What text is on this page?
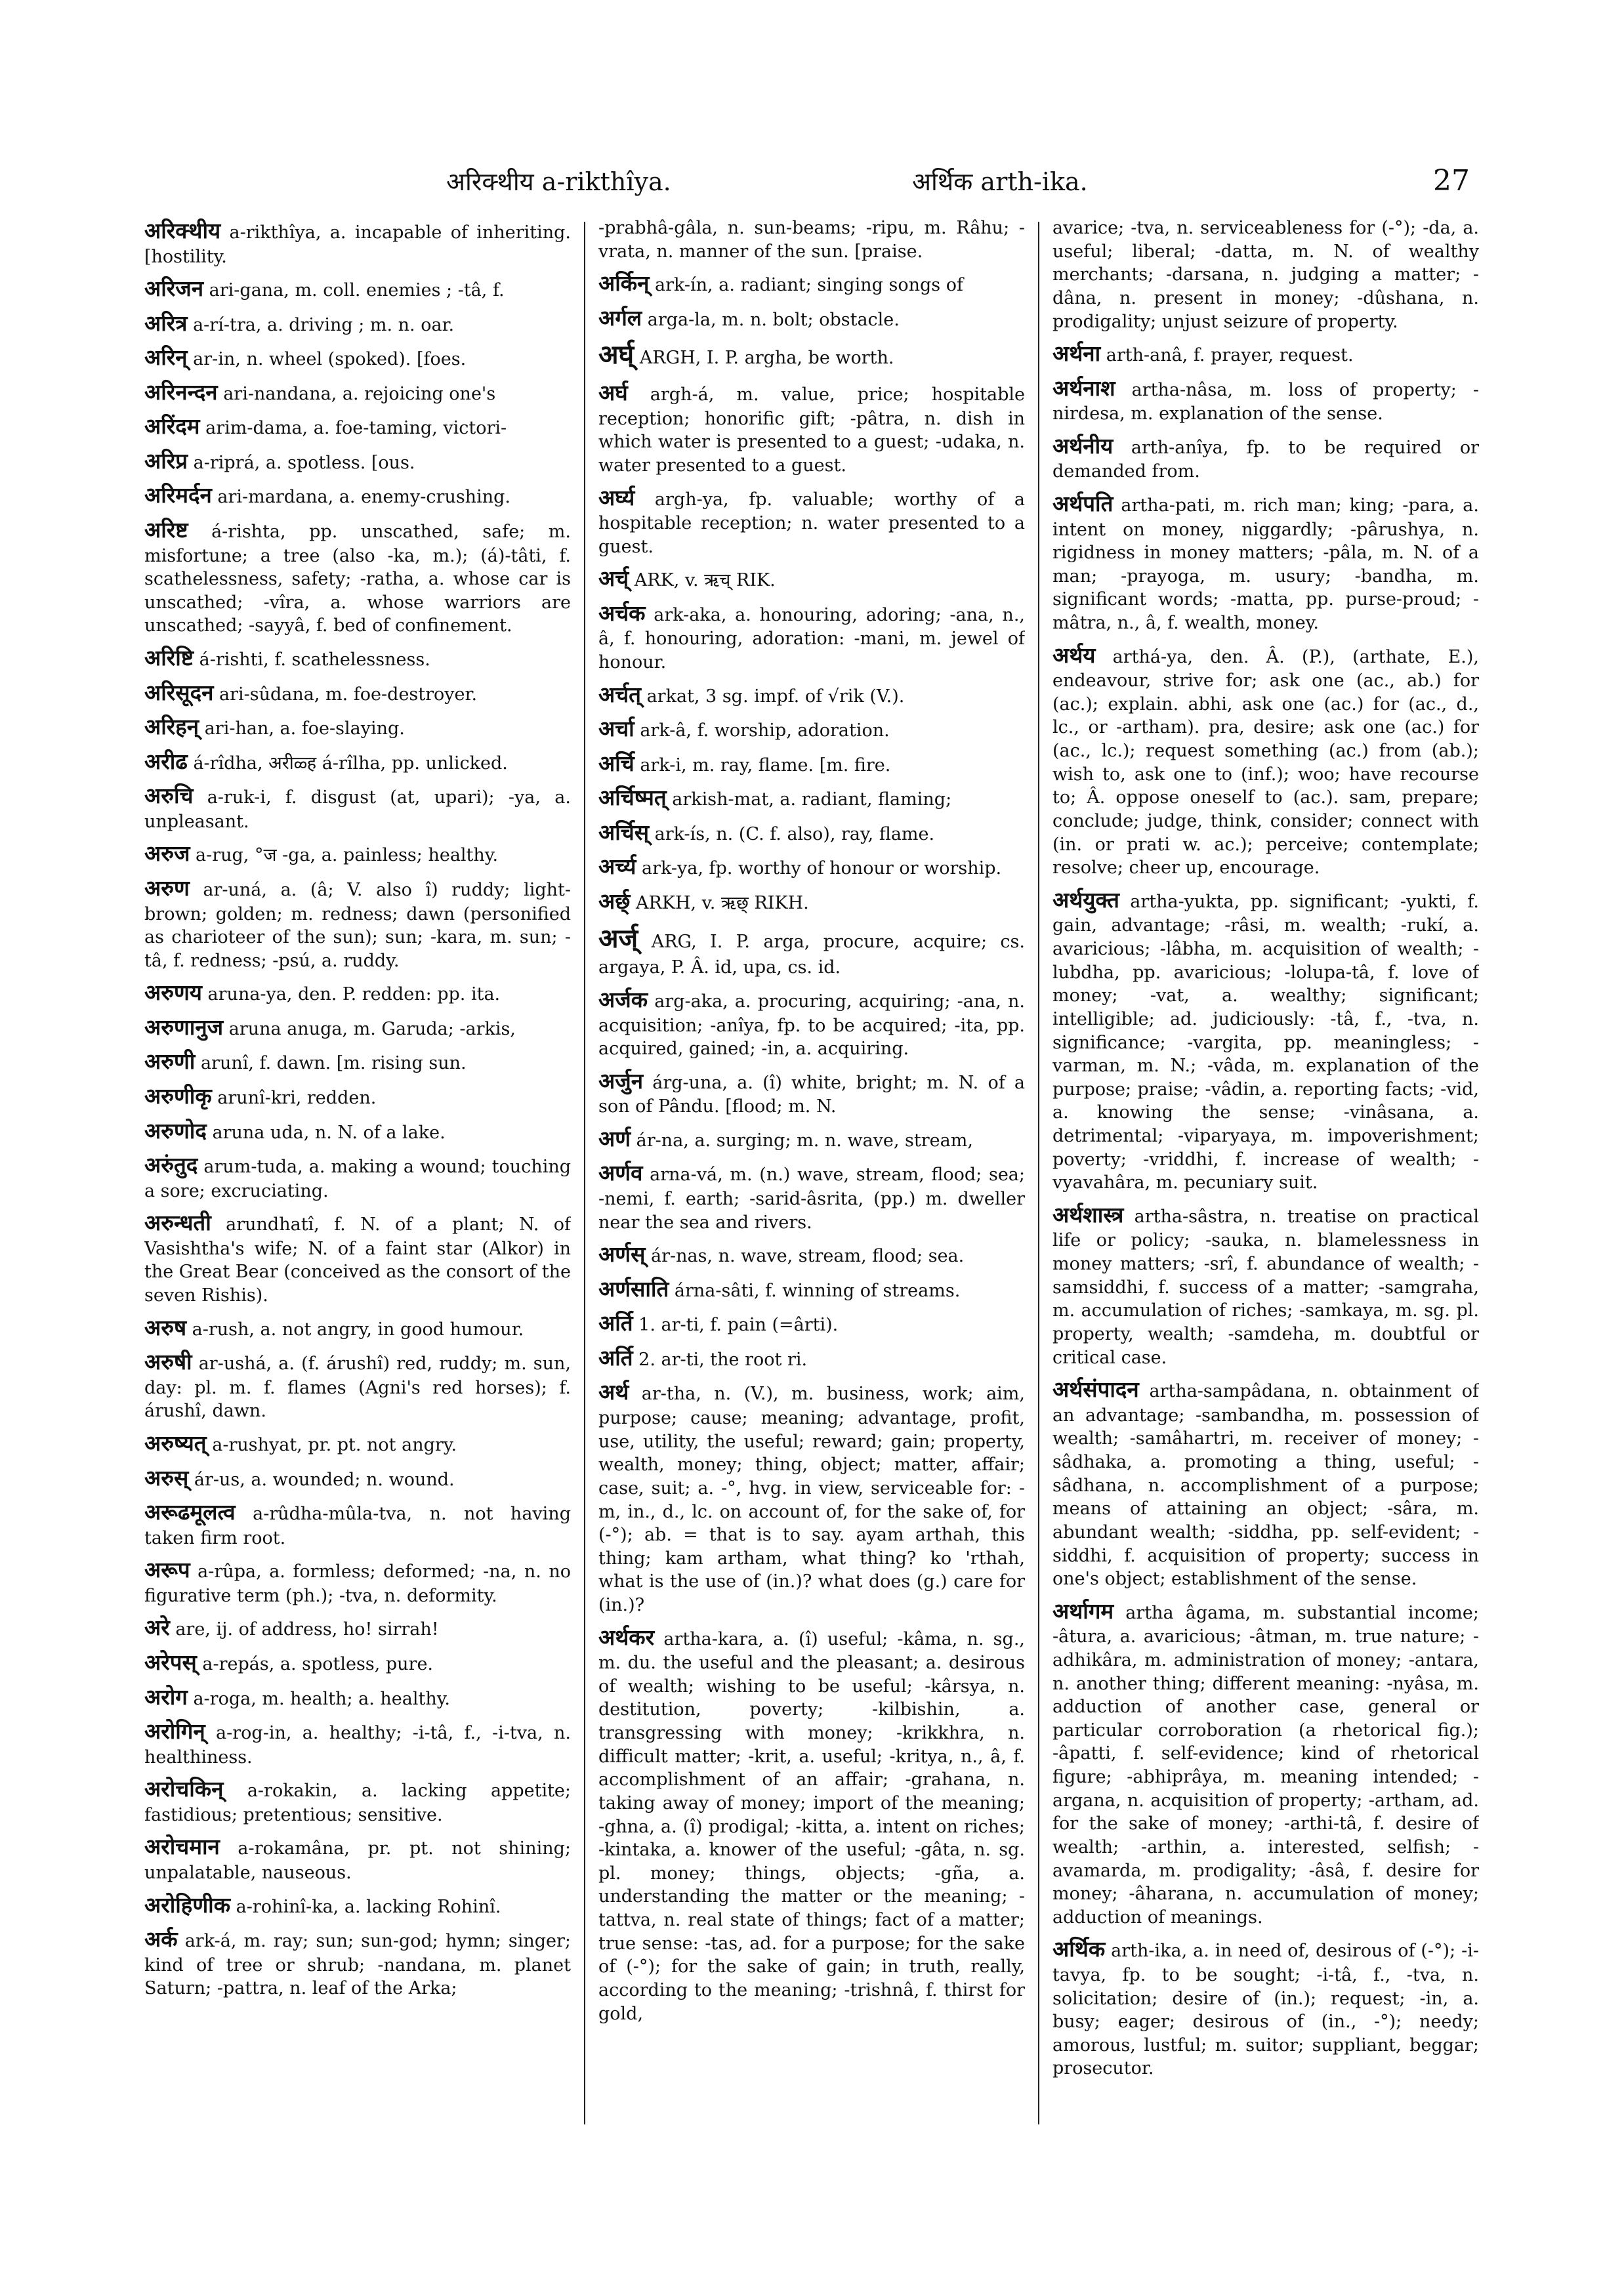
अरिक्थीय a-rikthîya.	अर्थिक arth-ika.	27

अरिक्थीय a-rikthîya, a. incapable of inheriting. [hostility.

अरिजन ari-gana, m. coll. enemies ; -tâ, f.

अरित्र a-rí-tra, a. driving ; m. n. oar.

अरिन् ar-in, n. wheel (spoked). [foes.

अरिनन्दन ari-nandana, a. rejoicing one's

अरिंदम arim-dama, a. foe-taming, victori-

अरिप्र a-riprá, a. spotless. [ous.

अरिमर्दन ari-mardana, a. enemy-crushing.

अरिष्ट á-rishta, pp. unscathed, safe; m. misfortune; a tree (also -ka, m.); (á)-tâti, f. scathelessness, safety; -ratha, a. whose car is unscathed; -vîra, a. whose warriors are unscathed; -sayyâ, f. bed of confinement.

अरिष्टि á-rishti, f. scathelessness.

अरिसूदन ari-sûdana, m. foe-destroyer.

अरिहन् ari-han, a. foe-slaying.

अरीढ á-rîdha, अरीळ्ह á-rîlha, pp. unlicked.

अरुचि a-ruk-i, f. disgust (at, upari); -ya, a. unpleasant.

अरुज a-rug, °ज -ga, a. painless; healthy.

अरुण ar-uná, a. (â; V. also î) ruddy; light-brown; golden; m. redness; dawn (personified as charioteer of the sun); sun; -kara, m. sun; -tâ, f. redness; -psú, a. ruddy.

अरुणय aruna-ya, den. P. redden: pp. ita.

अरुणानुज aruna anuga, m. Garuda; -arkis,

अरुणी arunî, f. dawn. [m. rising sun.

अरुणीकृ arunî-kri, redden.

अरुणोद aruna uda, n. N. of a lake.

अरुंतुद arum-tuda, a. making a wound; touching a sore; excruciating.

अरुन्धती arundhatî, f. N. of a plant; N. of Vasishtha's wife; N. of a faint star (Alkor) in the Great Bear (conceived as the consort of the seven Rishis).

अरुष a-rush, a. not angry, in good humour.

अरुषी ar-ushá, a. (f. árushî) red, ruddy; m. sun, day: pl. m. f. flames (Agni's red horses); f. árushî, dawn.

अरुष्यत् a-rushyat, pr. pt. not angry.

अरुस् ár-us, a. wounded; n. wound.

अरूढमूलत्व a-rûdha-mûla-tva, n. not having taken firm root.

अरूप a-rûpa, a. formless; deformed; -na, n. no figurative term (ph.); -tva, n. deformity.

अरे are, ij. of address, ho! sirrah!

अरेपस् a-repás, a. spotless, pure.

अरोग a-roga, m. health; a. healthy.

अरोगिन् a-rog-in, a. healthy; -i-tâ, f., -i-tva, n. healthiness.

अरोचकिन् a-rokakin, a. lacking appetite; fastidious; pretentious; sensitive.

अरोचमान a-rokamâna, pr. pt. not shining; unpalatable, nauseous.

अरोहिणीक a-rohinî-ka, a. lacking Rohinî.

अर्क ark-á, m. ray; sun; sun-god; hymn; singer; kind of tree or shrub; -nandana, m. planet Saturn; -pattra, n. leaf of the Arka;

-prabhâ-gâla, n. sun-beams; -ripu, m. Râhu; -vrata, n. manner of the sun. [praise.

अर्किन् ark-ín, a. radiant; singing songs of

अर्गल arga-la, m. n. bolt; obstacle.

अर्घ् ARGH, I. P. argha, be worth.

अर्घ argh-á, m. value, price; hospitable reception; honorific gift; -pâtra, n. dish in which water is presented to a guest; -udaka, n. water presented to a guest.

अर्घ्य argh-ya, fp. valuable; worthy of a hospitable reception; n. water presented to a guest.

अर्च् ARK, v. ऋच् RIK.

अर्चक ark-aka, a. honouring, adoring; -ana, n., â, f. honouring, adoration: -mani, m. jewel of honour.

अर्चत् arkat, 3 sg. impf. of √rik (V.).

अर्चा ark-â, f. worship, adoration.

अर्चि ark-i, m. ray, flame. [m. fire.

अर्चिष्मत् arkish-mat, a. radiant, flaming;

अर्चिस् ark-ís, n. (C. f. also), ray, flame.

अर्च्य ark-ya, fp. worthy of honour or worship.

अर्छ् ARKH, v. ऋछ् RIKH.

अर्ज् ARG, I. P. arga, procure, acquire; cs. argaya, P. Â. id, upa, cs. id.

अर्जक arg-aka, a. procuring, acquiring; -ana, n. acquisition; -anîya, fp. to be acquired; -ita, pp. acquired, gained; -in, a. acquiring.

अर्जुन árg-una, a. (î) white, bright; m. N. of a son of Pându. [flood; m. N.

अर्ण ár-na, a. surging; m. n. wave, stream,

अर्णव arna-vá, m. (n.) wave, stream, flood; sea; -nemi, f. earth; -sarid-âsrita, (pp.) m. dweller near the sea and rivers.

अर्णस् ár-nas, n. wave, stream, flood; sea.

अर्णसाति árna-sâti, f. winning of streams.

अर्ति 1. ar-ti, f. pain (=ârti).

अर्ति 2. ar-ti, the root ri.

अर्थ ar-tha, n. (V.), m. business, work; aim, purpose; cause; meaning; advantage, profit, use, utility, the useful; reward; gain; property, wealth, money; thing, object; matter, affair; case, suit; a. -°, hvg. in view, serviceable for: -m, in., d., lc. on account of, for the sake of, for (-°); ab. = that is to say. ayam arthah, this thing; kam artham, what thing? ko 'rthah, what is the use of (in.)? what does (g.) care for (in.)?

अर्थकर artha-kara, a. (î) useful; -kâma, n. sg., m. du. the useful and the pleasant; a. desirous of wealth; wishing to be useful; -kârsya, n. destitution, poverty; -kilbishin, a. transgressing with money; -krikkhra, n. difficult matter; -krit, a. useful; -kritya, n., â, f. accomplishment of an affair; -grahana, n. taking away of money; import of the meaning; -ghna, a. (î) prodigal; -kitta, a. intent on riches; -kintaka, a. knower of the useful; -gâta, n. sg. pl. money; things, objects; -gña, a. understanding the matter or the meaning; -tattva, n. real state of things; fact of a matter; true sense: -tas, ad. for a purpose; for the sake of (-°); for the sake of gain; in truth, really, according to the meaning; -trishnâ, f. thirst for gold,

avarice; -tva, n. serviceableness for (-°); -da, a. useful; liberal; -datta, m. N. of wealthy merchants; -darsana, n. judging a matter; -dâna, n. present in money; -dûshana, n. prodigality; unjust seizure of property.

अर्थना arth-anâ, f. prayer, request.

अर्थनाश artha-nâsa, m. loss of property; -nirdesa, m. explanation of the sense.

अर्थनीय arth-anîya, fp. to be required or demanded from.

अर्थपति artha-pati, m. rich man; king; -para, a. intent on money, niggardly; -pârushya, n. rigidness in money matters; -pâla, m. N. of a man; -prayoga, m. usury; -bandha, m. significant words; -matta, pp. purse-proud; -mâtra, n., â, f. wealth, money.

अर्थय arthá-ya, den. Â. (P.), (arthate, E.), endeavour, strive for; ask one (ac., ab.) for (ac.); explain. abhi, ask one (ac.) for (ac., d., lc., or -artham). pra, desire; ask one (ac.) for (ac., lc.); request something (ac.) from (ab.); wish to, ask one to (inf.); woo; have recourse to; Â. oppose oneself to (ac.). sam, prepare; conclude; judge, think, consider; connect with (in. or prati w. ac.); perceive; contemplate; resolve; cheer up, encourage.

अर्थयुक्त artha-yukta, pp. significant; -yukti, f. gain, advantage; -râsi, m. wealth; -rukí, a. avaricious; -lâbha, m. acquisition of wealth; -lubdha, pp. avaricious; -lolupa-tâ, f. love of money; -vat, a. wealthy; significant; intelligible; ad. judiciously: -tâ, f., -tva, n. significance; -vargita, pp. meaningless; -varman, m. N.; -vâda, m. explanation of the purpose; praise; -vâdin, a. reporting facts; -vid, a. knowing the sense; -vinâsana, a. detrimental; -viparyaya, m. impoverishment; poverty; -vriddhi, f. increase of wealth; -vyavahâra, m. pecuniary suit.

अर्थशास्त्र artha-sâstra, n. treatise on practical life or policy; -sauka, n. blamelessness in money matters; -srî, f. abundance of wealth; -samsiddhi, f. success of a matter; -samgraha, m. accumulation of riches; -samkaya, m. sg. pl. property, wealth; -samdeha, m. doubtful or critical case.

अर्थसंपादन artha-sampâdana, n. obtainment of an advantage; -sambandha, m. possession of wealth; -samâhartri, m. receiver of money; -sâdhaka, a. promoting a thing, useful; -sâdhana, n. accomplishment of a purpose; means of attaining an object; -sâra, m. abundant wealth; -siddha, pp. self-evident; -siddhi, f. acquisition of property; success in one's object; establishment of the sense.

अर्थागम artha âgama, m. substantial income; -âtura, a. avaricious; -âtman, m. true nature; -adhikâra, m. administration of money; -antara, n. another thing; different meaning: -nyâsa, m. adduction of another case, general or particular corroboration (a rhetorical fig.); -âpatti, f. self-evidence; kind of rhetorical figure; -abhiprâya, m. meaning intended; -argana, n. acquisition of property; -artham, ad. for the sake of money; -arthi-tâ, f. desire of wealth; -arthin, a. interested, selfish; -avamarda, m. prodigality; -âsâ, f. desire for money; -âharana, n. accumulation of money; adduction of meanings.

अर्थिक arth-ika, a. in need of, desirous of (-°); -i-tavya, fp. to be sought; -i-tâ, f., -tva, n. solicitation; desire of (in.); request; -in, a. busy; eager; desirous of (in., -°); needy; amorous, lustful; m. suitor; suppliant, beggar; prosecutor.
